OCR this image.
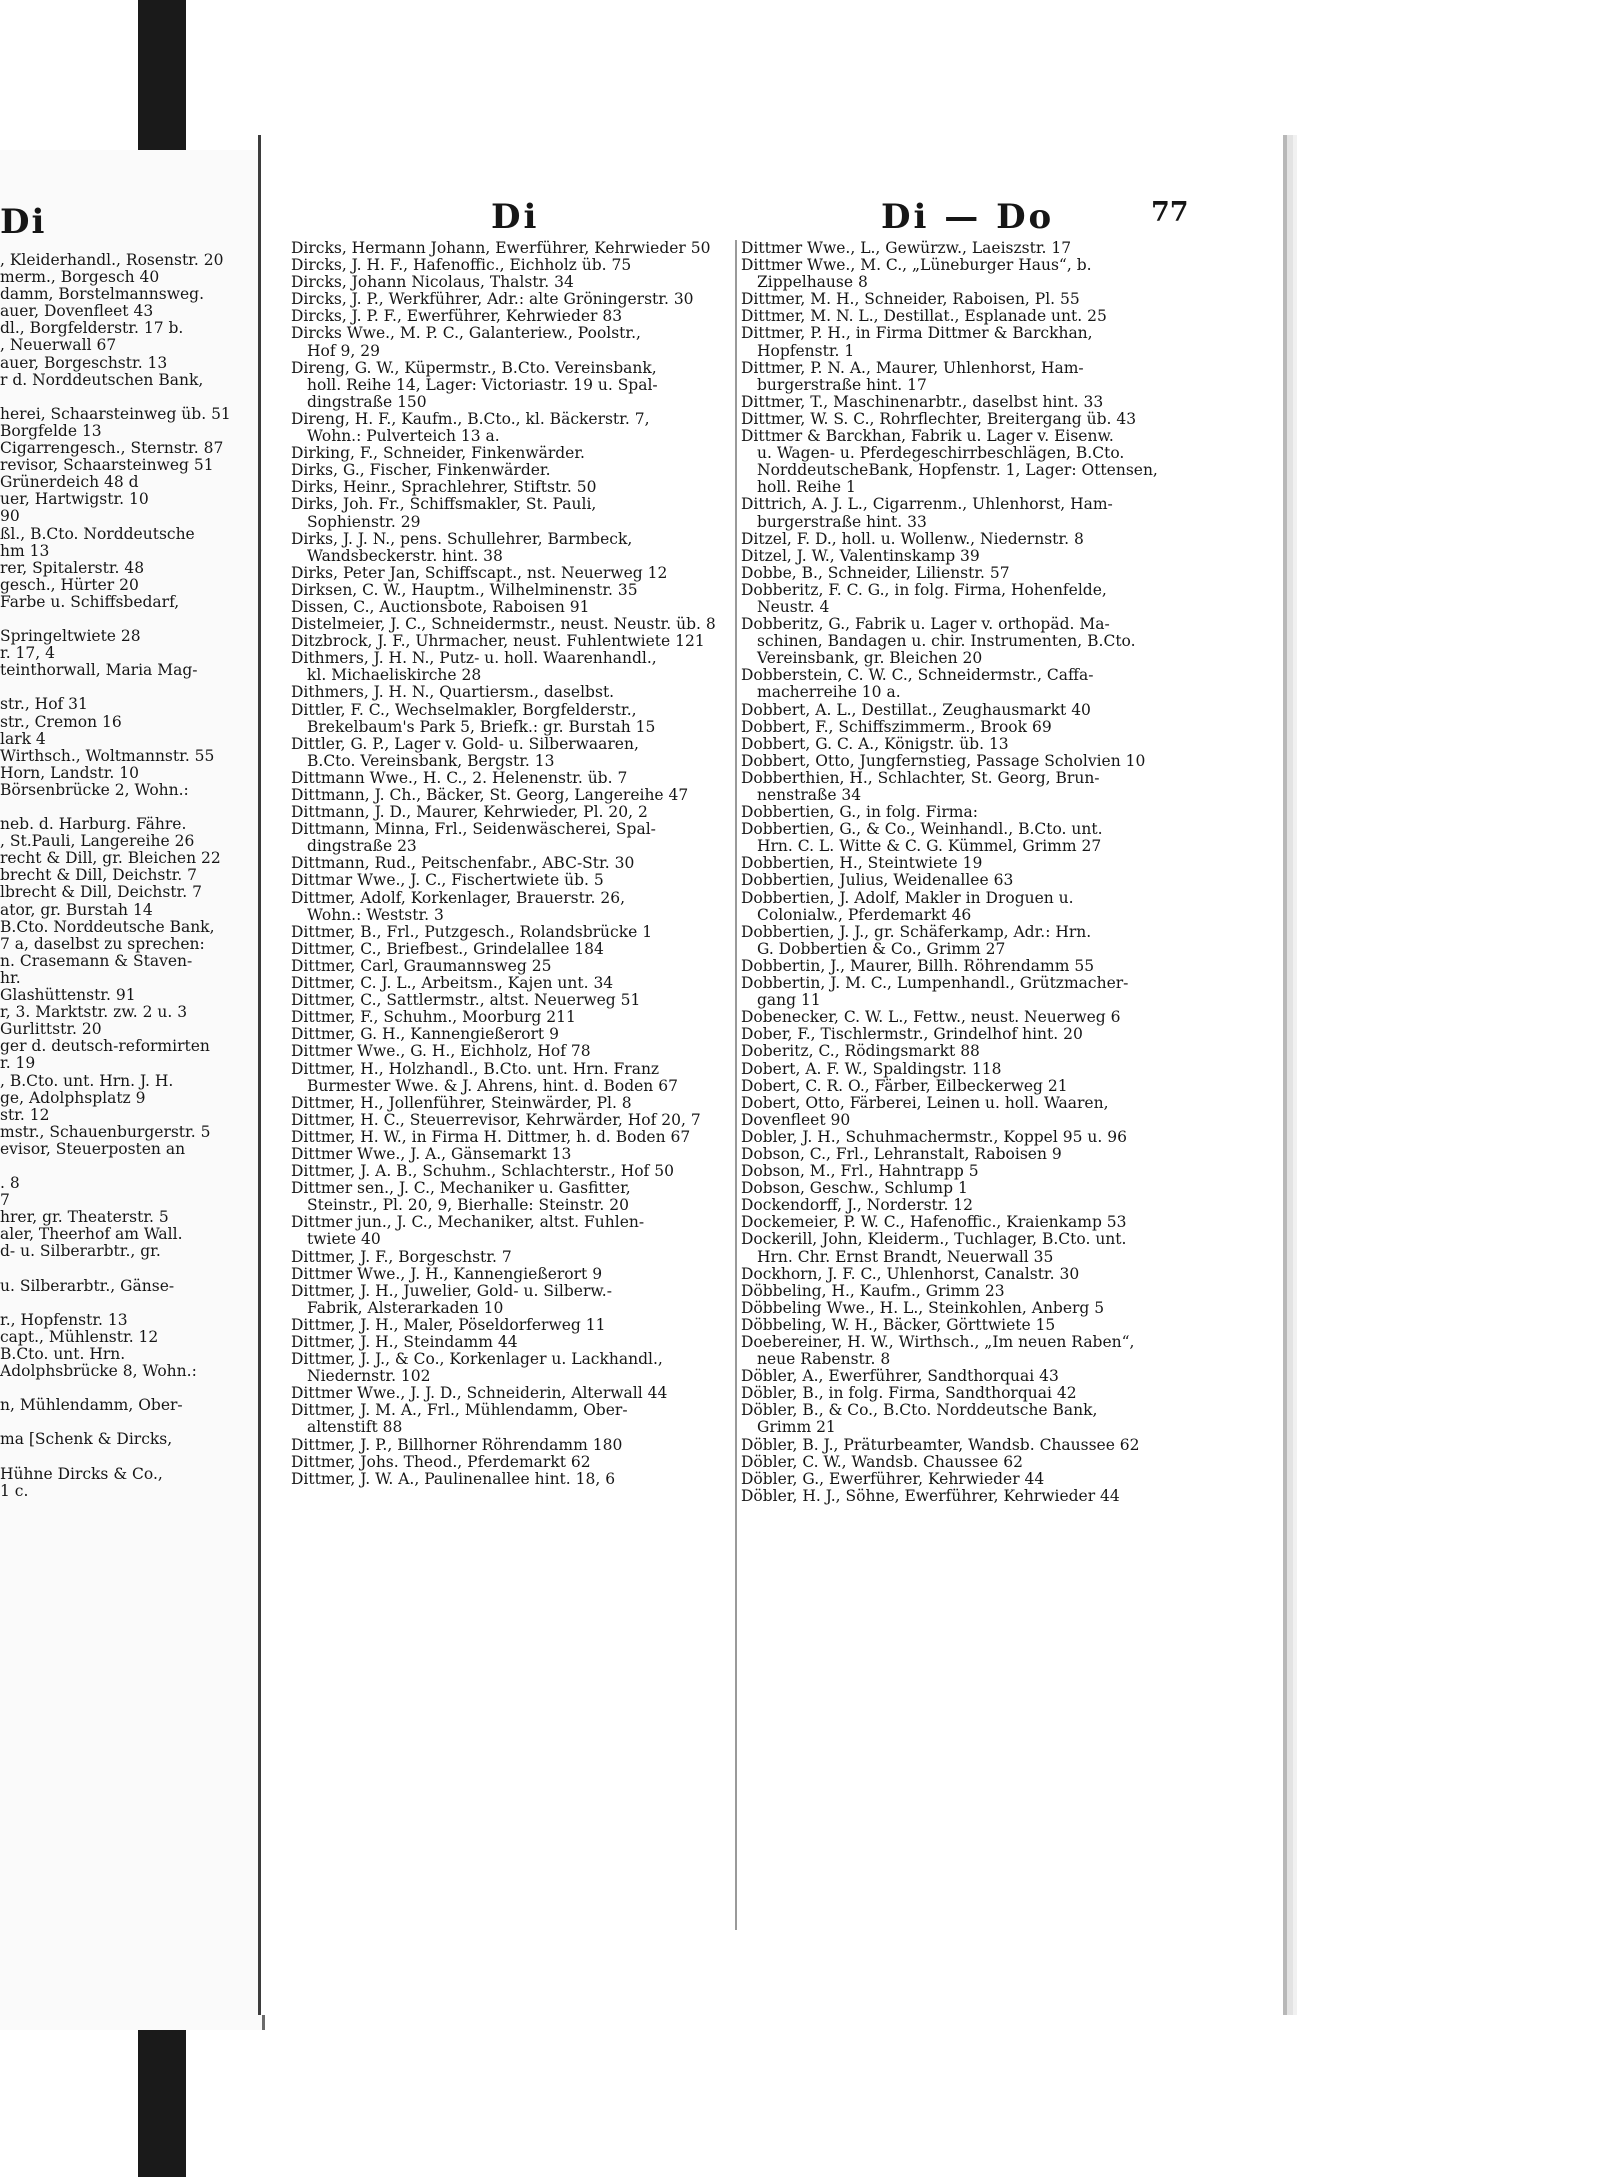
Di
, Kleiderhandl., Rosenstr. 20
merm., Borgesch 40
damm, Borstelmannsweg.
auer, Dovenfleet 43
dl., Borgfelderstr. 17 b.
, Neuerwall 67
auer, Borgeschstr. 13
r d. Norddeutschen Bank,
herei, Schaarsteinweg üb. 51
Borgfelde 13
Cigarrengesch., Sternstr. 87
revisor, Schaarsteinweg 51
Grünerdeich 48 d
uer, Hartwigstr. 10
90
ßl., B.Cto. Norddeutsche
hm 13
rer, Spitalerstr. 48
gesch., Hürter 20
Farbe u. Schiffsbedarf,
Springeltwiete 28
r. 17, 4
teinthorwall, Maria Mag-
str., Hof 31
str., Cremon 16
lark 4
Wirthsch., Woltmannstr. 55
Horn, Landstr. 10
Börsenbrücke 2, Wohn.:
neb. d. Harburg. Fähre.
, St.Pauli, Langereihe 26
recht & Dill, gr. Bleichen 22
brecht & Dill, Deichstr. 7
lbrecht & Dill, Deichstr. 7
ator, gr. Burstah 14
B.Cto. Norddeutsche Bank,
7 a, daselbst zu sprechen:
n. Crasemann & Staven-
hr.
Glashüttenstr. 91
r, 3. Marktstr. zw. 2 u. 3
Gurlittstr. 20
ger d. deutsch-reformirten
r. 19
, B.Cto. unt. Hrn. J. H.
ge, Adolphsplatz 9
str. 12
mstr., Schauenburgerstr. 5
evisor, Steuerposten an
. 8
7
hrer, gr. Theaterstr. 5
aler, Theerhof am Wall.
d- u. Silberarbtr., gr.
u. Silberarbtr., Gänse-
r., Hopfenstr. 13
capt., Mühlenstr. 12
B.Cto. unt. Hrn.
Adolphsbrücke 8, Wohn.:
n, Mühlendamm, Ober-
ma [Schenk & Dircks,
Hühne Dircks & Co.,
1 c.
Di	Di — Do	77
Dircks, Hermann Johann, Ewerführer, Kehrwieder 50
Dircks, J. H. F., Hafenoffic., Eichholz üb. 75
Dircks, Johann Nicolaus, Thalstr. 34
Dircks, J. P., Werkführer, Adr.: alte Gröningerstr. 30
Dircks, J. P. F., Ewerführer, Kehrwieder 83
Dircks Wwe., M. P. C., Galanteriew., Poolstr.,
Hof 9, 29
Direng, G. W., Küpermstr., B.Cto. Vereinsbank,
holl. Reihe 14, Lager: Victoriastr. 19 u. Spal-
dingstraße 150
Direng, H. F., Kaufm., B.Cto., kl. Bäckerstr. 7,
Wohn.: Pulverteich 13 a.
Dirking, F., Schneider, Finkenwärder.
Dirks, G., Fischer, Finkenwärder.
Dirks, Heinr., Sprachlehrer, Stiftstr. 50
Dirks, Joh. Fr., Schiffsmakler, St. Pauli,
Sophienstr. 29
Dirks, J. J. N., pens. Schullehrer, Barmbeck,
Wandsbeckerstr. hint. 38
Dirks, Peter Jan, Schiffscapt., nst. Neuerweg 12
Dirksen, C. W., Hauptm., Wilhelminenstr. 35
Dissen, C., Auctionsbote, Raboisen 91
Distelmeier, J. C., Schneidermstr., neust. Neustr. üb. 8
Ditzbrock, J. F., Uhrmacher, neust. Fuhlentwiete 121
Dithmers, J. H. N., Putz- u. holl. Waarenhandl.,
kl. Michaeliskirche 28
Dithmers, J. H. N., Quartiersm., daselbst.
Dittler, F. C., Wechselmakler, Borgfelderstr.,
Brekelbaum's Park 5, Briefk.: gr. Burstah 15
Dittler, G. P., Lager v. Gold- u. Silberwaaren,
B.Cto. Vereinsbank, Bergstr. 13
Dittmann Wwe., H. C., 2. Helenenstr. üb. 7
Dittmann, J. Ch., Bäcker, St. Georg, Langereihe 47
Dittmann, J. D., Maurer, Kehrwieder, Pl. 20, 2
Dittmann, Minna, Frl., Seidenwäscherei, Spal-
dingstraße 23
Dittmann, Rud., Peitschenfabr., ABC-Str. 30
Dittmar Wwe., J. C., Fischertwiete üb. 5
Dittmer, Adolf, Korkenlager, Brauerstr. 26,
Wohn.: Weststr. 3
Dittmer, B., Frl., Putzgesch., Rolandsbrücke 1
Dittmer, C., Briefbest., Grindelallee 184
Dittmer, Carl, Graumannsweg 25
Dittmer, C. J. L., Arbeitsm., Kajen unt. 34
Dittmer, C., Sattlermstr., altst. Neuerweg 51
Dittmer, F., Schuhm., Moorburg 211
Dittmer, G. H., Kannengießerort 9
Dittmer Wwe., G. H., Eichholz, Hof 78
Dittmer, H., Holzhandl., B.Cto. unt. Hrn. Franz
Burmester Wwe. & J. Ahrens, hint. d. Boden 67
Dittmer, H., Jollenführer, Steinwärder, Pl. 8
Dittmer, H. C., Steuerrevisor, Kehrwärder, Hof 20, 7
Dittmer, H. W., in Firma H. Dittmer, h. d. Boden 67
Dittmer Wwe., J. A., Gänsemarkt 13
Dittmer, J. A. B., Schuhm., Schlachterstr., Hof 50
Dittmer sen., J. C., Mechaniker u. Gasfitter,
Steinstr., Pl. 20, 9, Bierhalle: Steinstr. 20
Dittmer jun., J. C., Mechaniker, altst. Fuhlen-
twiete 40
Dittmer, J. F., Borgeschstr. 7
Dittmer Wwe., J. H., Kannengießerort 9
Dittmer, J. H., Juwelier, Gold- u. Silberw.-
Fabrik, Alsterarkaden 10
Dittmer, J. H., Maler, Pöseldorferweg 11
Dittmer, J. H., Steindamm 44
Dittmer, J. J., & Co., Korkenlager u. Lackhandl.,
Niedernstr. 102
Dittmer Wwe., J. J. D., Schneiderin, Alterwall 44
Dittmer, J. M. A., Frl., Mühlendamm, Ober-
altenstift 88
Dittmer, J. P., Billhorner Röhrendamm 180
Dittmer, Johs. Theod., Pferdemarkt 62
Dittmer, J. W. A., Paulinenallee hint. 18, 6
Dittmer Wwe., L., Gewürzw., Laeiszstr. 17
Dittmer Wwe., M. C., „Lüneburger Haus“, b.
Zippelhause 8
Dittmer, M. H., Schneider, Raboisen, Pl. 55
Dittmer, M. N. L., Destillat., Esplanade unt. 25
Dittmer, P. H., in Firma Dittmer & Barckhan,
Hopfenstr. 1
Dittmer, P. N. A., Maurer, Uhlenhorst, Ham-
burgerstraße hint. 17
Dittmer, T., Maschinenarbtr., daselbst hint. 33
Dittmer, W. S. C., Rohrflechter, Breitergang üb. 43
Dittmer & Barckhan, Fabrik u. Lager v. Eisenw.
u. Wagen- u. Pferdegeschirrbeschlägen, B.Cto.
NorddeutscheBank, Hopfenstr. 1, Lager: Ottensen,
holl. Reihe 1
Dittrich, A. J. L., Cigarrenm., Uhlenhorst, Ham-
burgerstraße hint. 33
Ditzel, F. D., holl. u. Wollenw., Niedernstr. 8
Ditzel, J. W., Valentinskamp 39
Dobbe, B., Schneider, Lilienstr. 57
Dobberitz, F. C. G., in folg. Firma, Hohenfelde,
Neustr. 4
Dobberitz, G., Fabrik u. Lager v. orthopäd. Ma-
schinen, Bandagen u. chir. Instrumenten, B.Cto.
Vereinsbank, gr. Bleichen 20
Dobberstein, C. W. C., Schneidermstr., Caffa-
macherreihe 10 a.
Dobbert, A. L., Destillat., Zeughausmarkt 40
Dobbert, F., Schiffszimmerm., Brook 69
Dobbert, G. C. A., Königstr. üb. 13
Dobbert, Otto, Jungfernstieg, Passage Scholvien 10
Dobberthien, H., Schlachter, St. Georg, Brun-
nenstraße 34
Dobbertien, G., in folg. Firma:
Dobbertien, G., & Co., Weinhandl., B.Cto. unt.
Hrn. C. L. Witte & C. G. Kümmel, Grimm 27
Dobbertien, H., Steintwiete 19
Dobbertien, Julius, Weidenallee 63
Dobbertien, J. Adolf, Makler in Droguen u.
Colonialw., Pferdemarkt 46
Dobbertien, J. J., gr. Schäferkamp, Adr.: Hrn.
G. Dobbertien & Co., Grimm 27
Dobbertin, J., Maurer, Billh. Röhrendamm 55
Dobbertin, J. M. C., Lumpenhandl., Grützmacher-
gang 11
Dobenecker, C. W. L., Fettw., neust. Neuerweg 6
Dober, F., Tischlermstr., Grindelhof hint. 20
Doberitz, C., Rödingsmarkt 88
Dobert, A. F. W., Spaldingstr. 118
Dobert, C. R. O., Färber, Eilbeckerweg 21
Dobert, Otto, Färberei, Leinen u. holl. Waaren,
Dovenfleet 90
Dobler, J. H., Schuhmachermstr., Koppel 95 u. 96
Dobson, C., Frl., Lehranstalt, Raboisen 9
Dobson, M., Frl., Hahntrapp 5
Dobson, Geschw., Schlump 1
Dockendorff, J., Norderstr. 12
Dockemeier, P. W. C., Hafenoffic., Kraienkamp 53
Dockerill, John, Kleiderm., Tuchlager, B.Cto. unt.
Hrn. Chr. Ernst Brandt, Neuerwall 35
Dockhorn, J. F. C., Uhlenhorst, Canalstr. 30
Döbbeling, H., Kaufm., Grimm 23
Döbbeling Wwe., H. L., Steinkohlen, Anberg 5
Döbbeling, W. H., Bäcker, Görttwiete 15
Doebereiner, H. W., Wirthsch., „Im neuen Raben“,
neue Rabenstr. 8
Döbler, A., Ewerführer, Sandthorquai 43
Döbler, B., in folg. Firma, Sandthorquai 42
Döbler, B., & Co., B.Cto. Norddeutsche Bank,
Grimm 21
Döbler, B. J., Präturbeamter, Wandsb. Chaussee 62
Döbler, C. W., Wandsb. Chaussee 62
Döbler, G., Ewerführer, Kehrwieder 44
Döbler, H. J., Söhne, Ewerführer, Kehrwieder 44
